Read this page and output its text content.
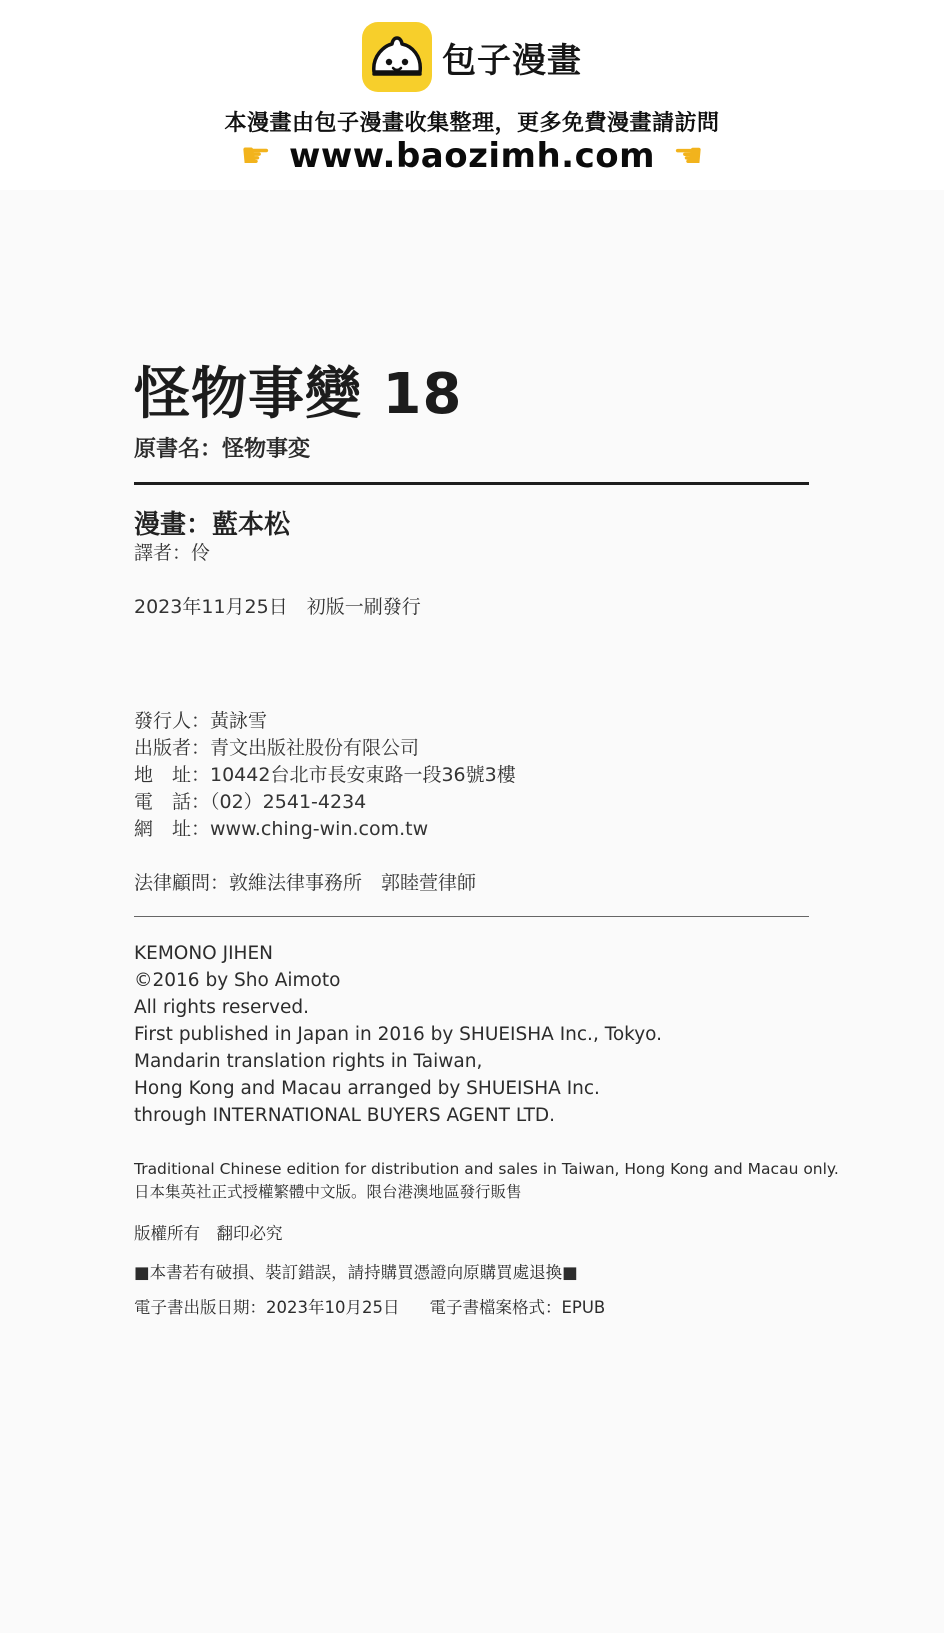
包子漫畫
本漫畫由包子漫畫收集整理，更多免費漫畫請訪問
☛ www.baozimh.com ☚
怪物事變 18
原書名：怪物事変
漫畫：藍本松
譯者：伶
2023年11月25日　初版一刷發行
發行人：黃詠雪
出版者：青文出版社股份有限公司
地　址：10442台北市長安東路一段36號3樓
電　話：（02）2541-4234
網　址：www.ching-win.com.tw
法律顧問：敦維法律事務所　郭睦萱律師
KEMONO JIHEN
©2016 by Sho Aimoto
All rights reserved.
First published in Japan in 2016 by SHUEISHA Inc., Tokyo.
Mandarin translation rights in Taiwan,
Hong Kong and Macau arranged by SHUEISHA Inc.
through INTERNATIONAL BUYERS AGENT LTD.
Traditional Chinese edition for distribution and sales in Taiwan, Hong Kong and Macau only.
日本集英社正式授權繁體中文版。限台港澳地區發行販售
版權所有　翻印必究
■本書若有破損、裝訂錯誤，請持購買憑證向原購買處退換■
電子書出版日期：2023年10月25日 電子書檔案格式：EPUB
